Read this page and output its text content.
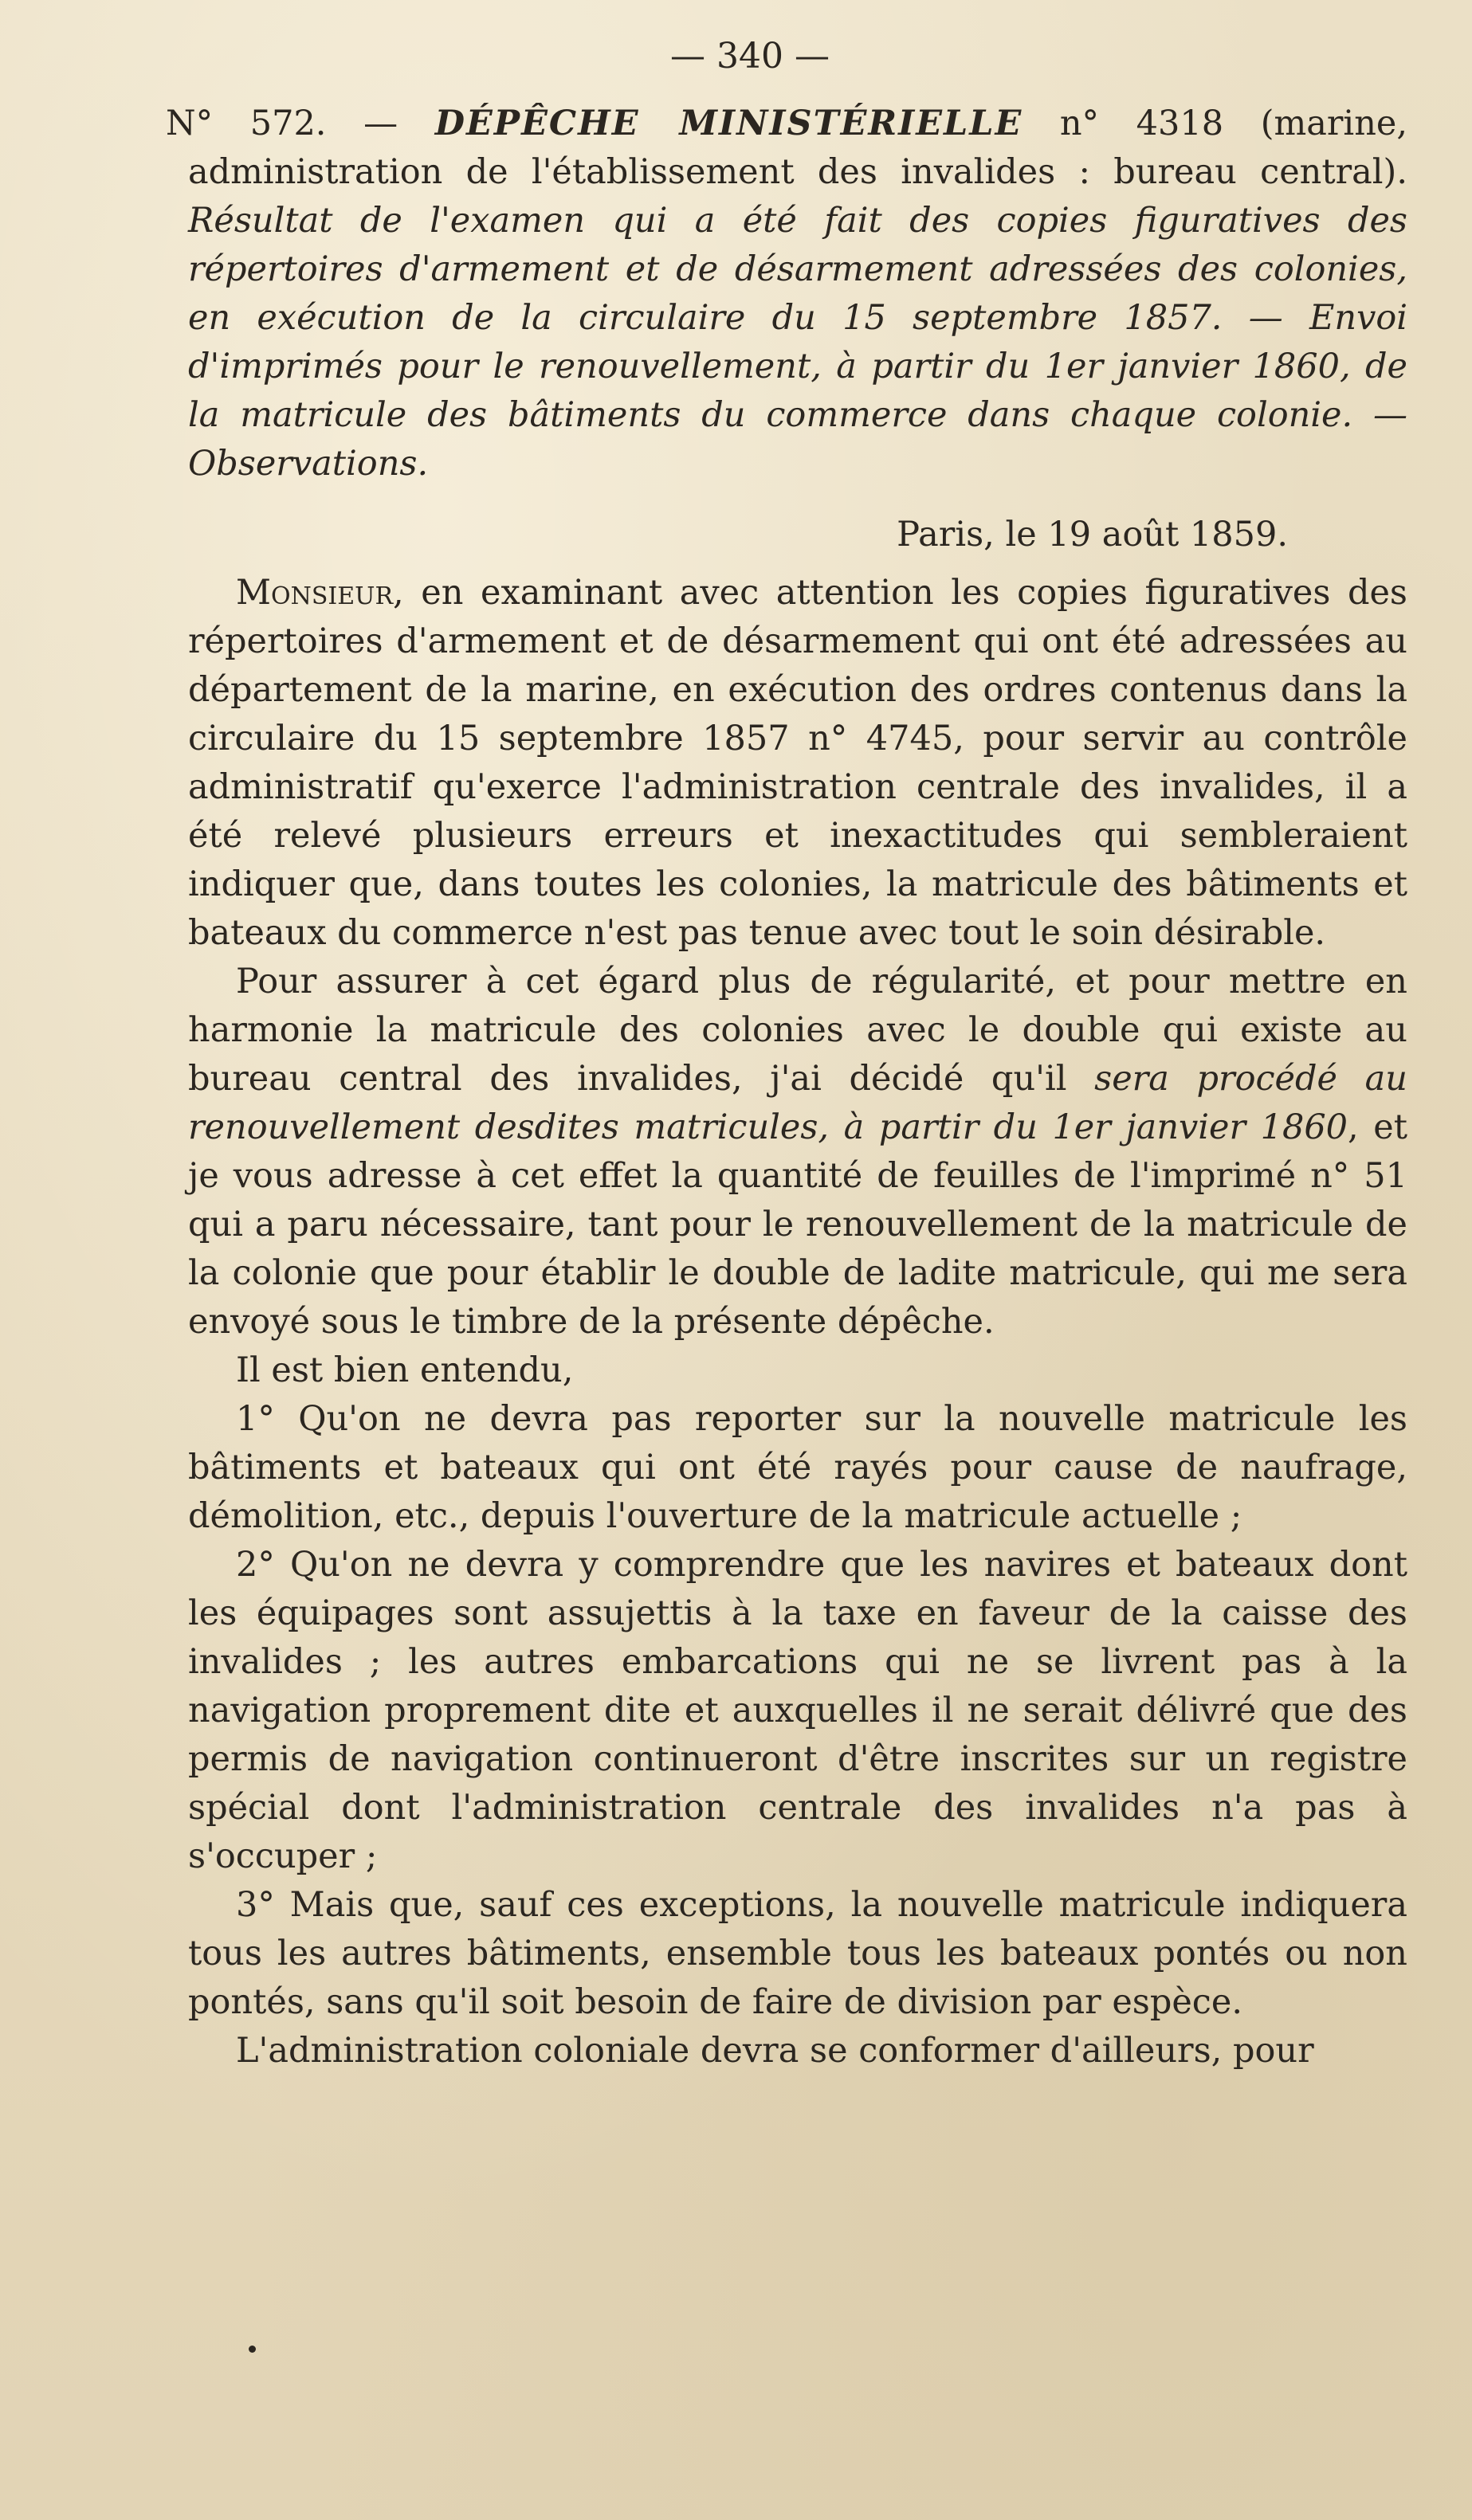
— 340 —

N° 572. — DÉPÊCHE MINISTÉRIELLE n° 4318 (marine, administration de l'établissement des invalides : bureau central). Résultat de l'examen qui a été fait des copies figuratives des répertoires d'armement et de désarmement adressées des colonies, en exécution de la circulaire du 15 septembre 1857. — Envoi d'imprimés pour le renouvellement, à partir du 1er janvier 1860, de la matricule des bâtiments du commerce dans chaque colonie. — Observations.

Paris, le 19 août 1859.

Monsieur, en examinant avec attention les copies figuratives des répertoires d'armement et de désarmement qui ont été adressées au département de la marine, en exécution des ordres contenus dans la circulaire du 15 septembre 1857 n° 4745, pour servir au contrôle administratif qu'exerce l'administration centrale des invalides, il a été relevé plusieurs erreurs et inexactitudes qui sembleraient indiquer que, dans toutes les colonies, la matricule des bâtiments et bateaux du commerce n'est pas tenue avec tout le soin désirable.

Pour assurer à cet égard plus de régularité, et pour mettre en harmonie la matricule des colonies avec le double qui existe au bureau central des invalides, j'ai décidé qu'il sera procédé au renouvellement desdites matricules, à partir du 1er janvier 1860, et je vous adresse à cet effet la quantité de feuilles de l'imprimé n° 51 qui a paru nécessaire, tant pour le renouvellement de la matricule de la colonie que pour établir le double de ladite matricule, qui me sera envoyé sous le timbre de la présente dépêche.

Il est bien entendu,

1° Qu'on ne devra pas reporter sur la nouvelle matricule les bâtiments et bateaux qui ont été rayés pour cause de naufrage, démolition, etc., depuis l'ouverture de la matricule actuelle ;

2° Qu'on ne devra y comprendre que les navires et bateaux dont les équipages sont assujettis à la taxe en faveur de la caisse des invalides ; les autres embarcations qui ne se livrent pas à la navigation proprement dite et auxquelles il ne serait délivré que des permis de navigation continueront d'être inscrites sur un registre spécial dont l'administration centrale des invalides n'a pas à s'occuper ;

3° Mais que, sauf ces exceptions, la nouvelle matricule indiquera tous les autres bâtiments, ensemble tous les bateaux pontés ou non pontés, sans qu'il soit besoin de faire de division par espèce.

L'administration coloniale devra se conformer d'ailleurs, pour
